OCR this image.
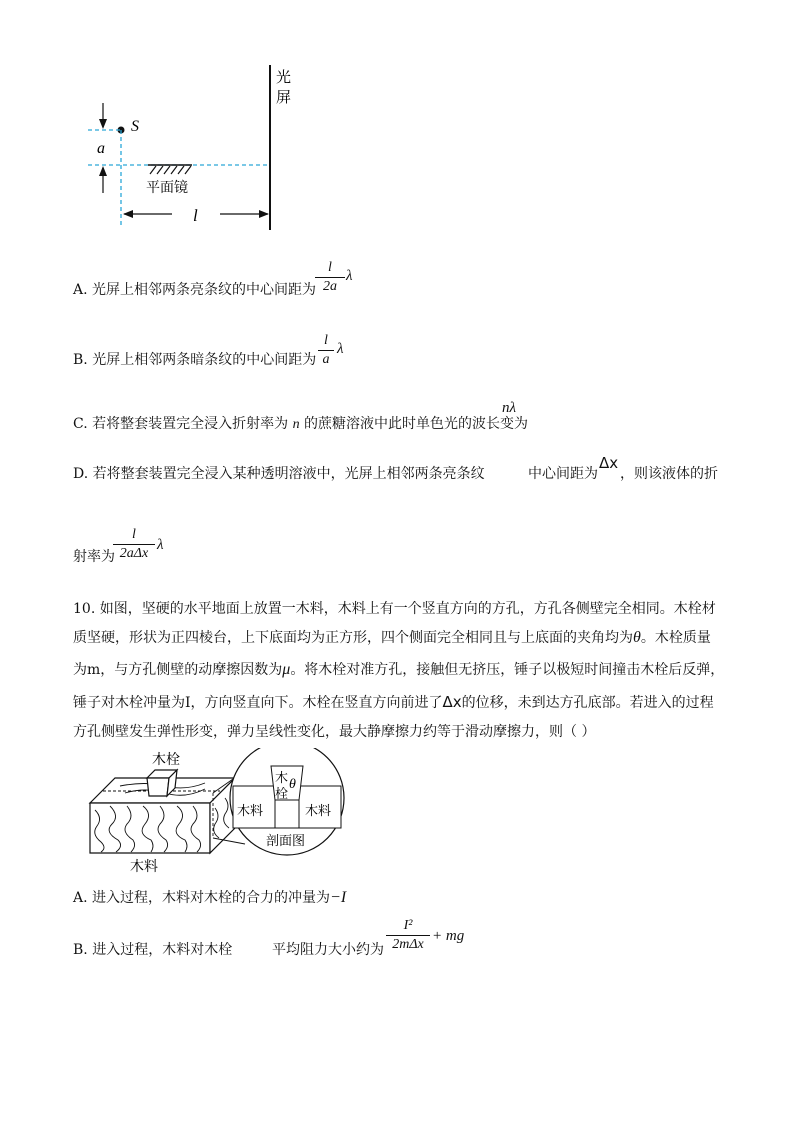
光
屏
S
a
平面镜
l
A. 光屏上相邻两条亮条纹的中心间距为
l
2a
λ
B. 光屏上相邻两条暗条纹的中心间距为
l
a
λ
C. 若将整套装置完全浸入折射率为 n 的蔗糖溶液中此时单色光的波长变为
nλ
D. 若将整套装置完全浸入某种透明溶液中，光屏上相邻两条亮条纹	中心间距为
Δx
，则该液体的折
射率为
l
2aΔx
λ
10. 如图，坚硬的水平地面上放置一木料，木料上有一个竖直方向的方孔，方孔各侧壁完全相同。木栓材
质坚硬，形状为正四棱台，上下底面均为正方形，四个侧面完全相同且与上底面的夹角均为θ。木栓质量
为m，与方孔侧壁的动摩擦因数为μ。将木栓对准方孔，接触但无挤压，锤子以极短时间撞击木栓后反弹，
锤子对木栓冲量为I，方向竖直向下。木栓在竖直方向前进了Δx的位移，未到达方孔底部。若进入的过程
方孔侧壁发生弹性形变，弹力呈线性变化，最大静摩擦力约等于滑动摩擦力，则（ ）
木栓
木料
木
栓
θ
木料	木料
剖面图
A. 进入过程，木料对木栓的合力的冲量为−I
B. 进入过程，木料对木栓	平均阻力大小约为
I²
2mΔx
+ mg
